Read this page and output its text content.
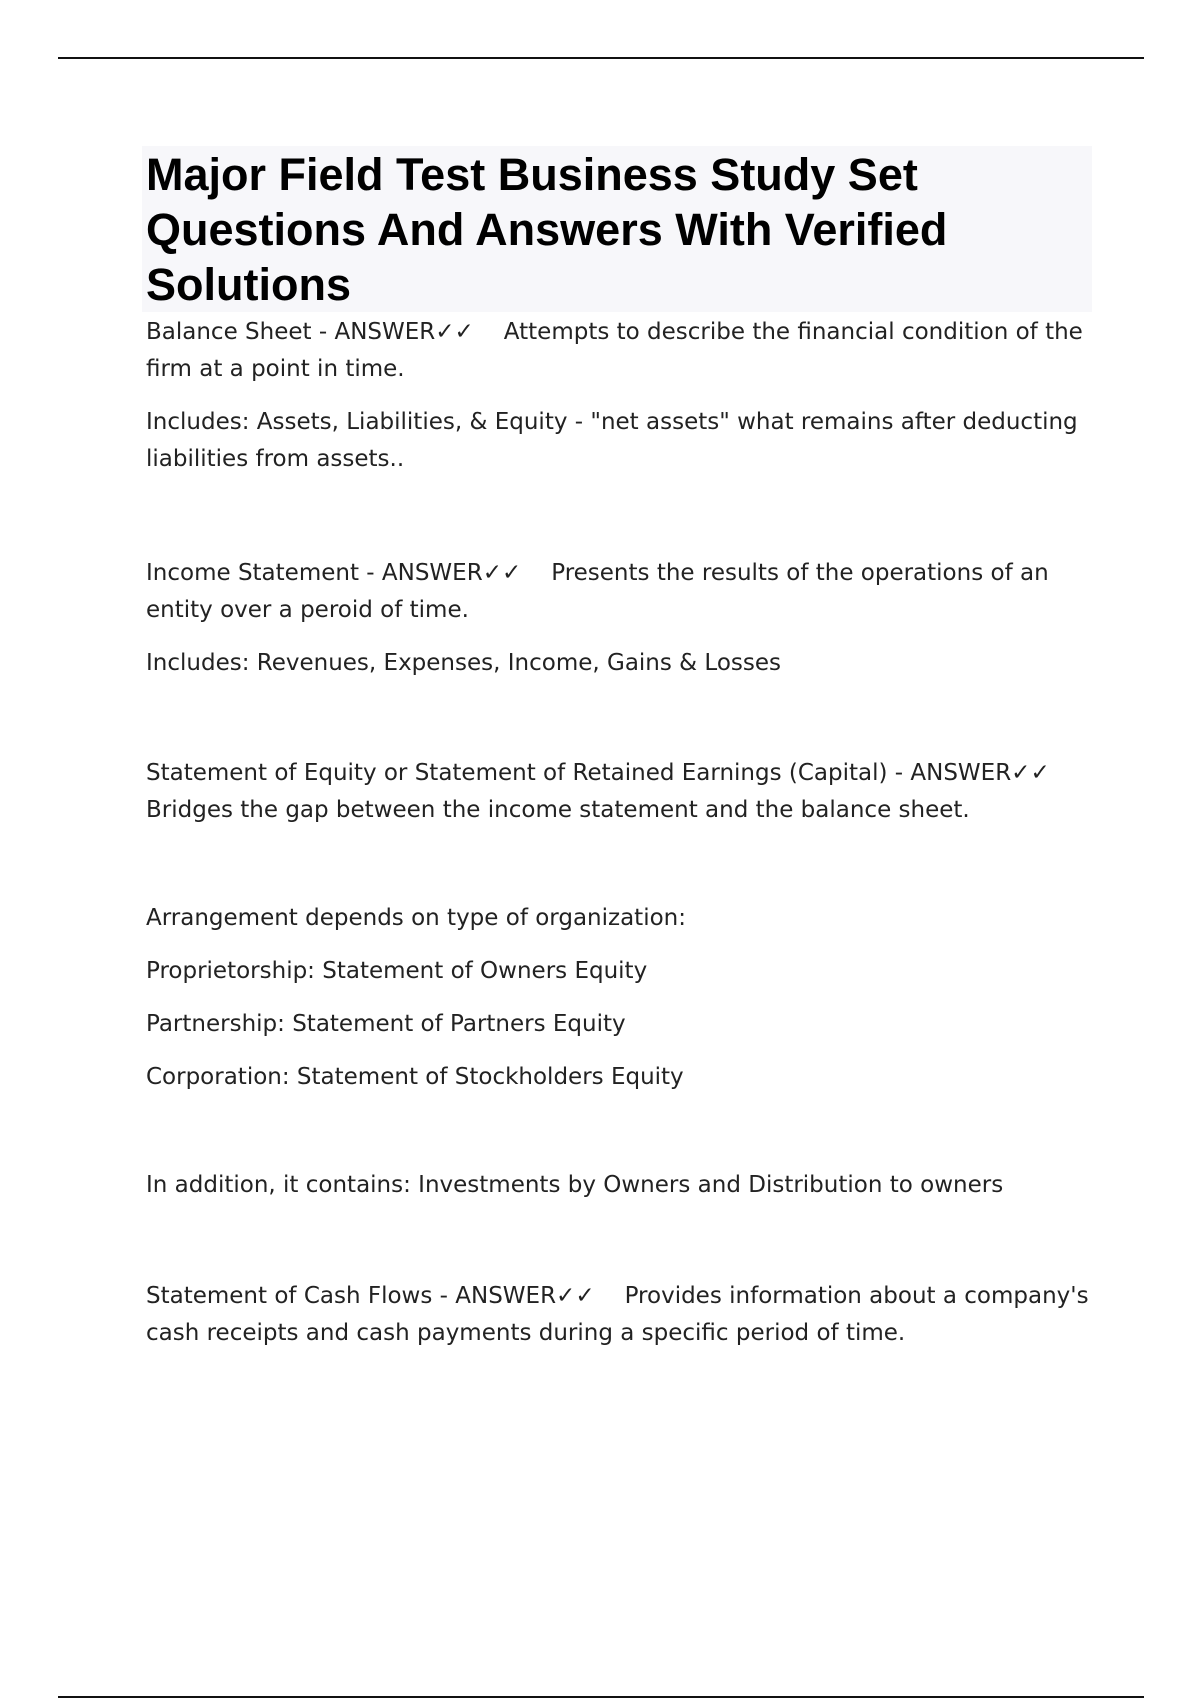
Major Field Test Business Study Set Questions And Answers With Verified Solutions

Balance Sheet - ANSWER✓✓ Attempts to describe the financial condition of the firm at a point in time.

Includes: Assets, Liabilities, & Equity - "net assets" what remains after deducting liabilities from assets..

Income Statement - ANSWER✓✓ Presents the results of the operations of an entity over a peroid of time.

Includes: Revenues, Expenses, Income, Gains & Losses

Statement of Equity or Statement of Retained Earnings (Capital) - ANSWER✓✓ Bridges the gap between the income statement and the balance sheet.

Arrangement depends on type of organization:

Proprietorship: Statement of Owners Equity

Partnership: Statement of Partners Equity

Corporation: Statement of Stockholders Equity

In addition, it contains: Investments by Owners and Distribution to owners

Statement of Cash Flows - ANSWER✓✓ Provides information about a company's cash receipts and cash payments during a specific period of time.
